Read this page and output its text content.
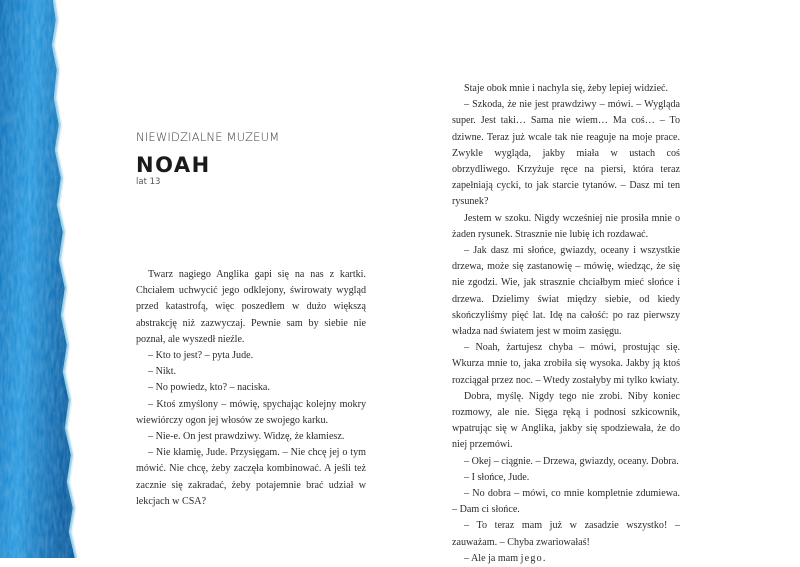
NIEWIDZIALNE MUZEUM
NOAH
lat 13

Twarz nagiego Anglika gapi się na nas z kartki. Chciałem uchwycić jego odklejony, świrowaty wygląd przed katastrofą, więc poszedłem w dużo większą abstrakcję niż zazwyczaj. Pewnie sam by siebie nie poznał, ale wyszedł nieźle.

– Kto to jest? – pyta Jude.

– Nikt.

– No powiedz, kto? – naciska.

– Ktoś zmyślony – mówię, spychając kolejny mokry wiewiórczy ogon jej włosów ze swojego karku.

– Nie-e. On jest prawdziwy. Widzę, że kłamiesz.

– Nie kłamię, Jude. Przysięgam. – Nie chcę jej o tym mówić. Nie chcę, żeby zaczęła kombinować. A jeśli też zacznie się zakradać, żeby potajemnie brać udział w lekcjach w CSA?

Staje obok mnie i nachyla się, żeby lepiej widzieć.

– Szkoda, że nie jest prawdziwy – mówi. – Wygląda super. Jest taki… Sama nie wiem… Ma coś… – To dziwne. Teraz już wcale tak nie reaguje na moje prace. Zwykle wygląda, jakby miała w ustach coś obrzydliwego. Krzyżuje ręce na piersi, która teraz zapełniają cycki, to jak starcie tytanów. – Dasz mi ten rysunek?

Jestem w szoku. Nigdy wcześniej nie prosiła mnie o żaden rysunek. Strasznie nie lubię ich rozdawać.

– Jak dasz mi słońce, gwiazdy, oceany i wszystkie drzewa, może się zastanowię – mówię, wiedząc, że się nie zgodzi. Wie, jak strasznie chciałbym mieć słońce i drzewa. Dzielimy świat między siebie, od kiedy skończyliśmy pięć lat. Idę na całość: po raz pierwszy władza nad światem jest w moim zasięgu.

– Noah, żartujesz chyba – mówi, prostując się. Wkurza mnie to, jaka zrobiła się wysoka. Jakby ją ktoś rozciągał przez noc. – Wtedy zostałyby mi tylko kwiaty.

Dobra, myślę. Nigdy tego nie zrobi. Niby koniec rozmowy, ale nie. Sięga ręką i podnosi szkicownik, wpatrując się w Anglika, jakby się spodziewała, że do niej przemówi.

– Okej – ciągnie. – Drzewa, gwiazdy, oceany. Dobra.

– I słońce, Jude.

– No dobra – mówi, co mnie kompletnie zdumiewa. – Dam ci słońce.

– To teraz mam już w zasadzie wszystko! – zauważam. – Chyba zwariowałaś!

– Ale ja mam jego.
